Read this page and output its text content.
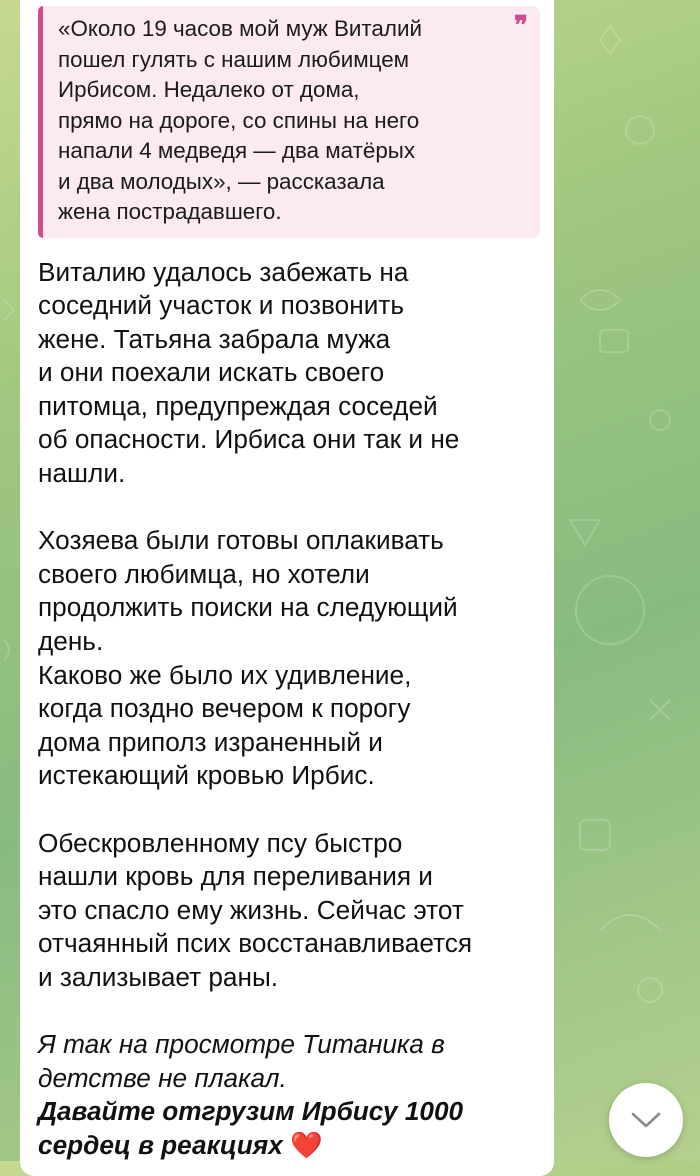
«Около 19 часов мой муж Виталий
пошел гулять с нашим любимцем
Ирбисом. Недалеко от дома,
прямо на дороге, со спины на него
напали 4 медведя — два матёрых
и два молодых», — рассказала
жена пострадавшего.

❞

Виталию удалось забежать на
соседний участок и позвонить
жене. Татьяна забрала мужа
и они поехали искать своего
питомца, предупреждая соседей
об опасности. Ирбиса они так и не
нашли.

Хозяева были готовы оплакивать
своего любимца, но хотели
продолжить поиски на следующий
день.
Каково же было их удивление,
когда поздно вечером к порогу
дома приполз израненный и
истекающий кровью Ирбис.

Обескровленному псу быстро
нашли кровь для переливания и
это спасло ему жизнь. Сейчас этот
отчаянный псих восстанавливается
и зализывает раны.

Я так на просмотре Титаника в
детстве не плакал.

Давайте отгрузим Ирбису 1000
сердец в реакциях ❤️
